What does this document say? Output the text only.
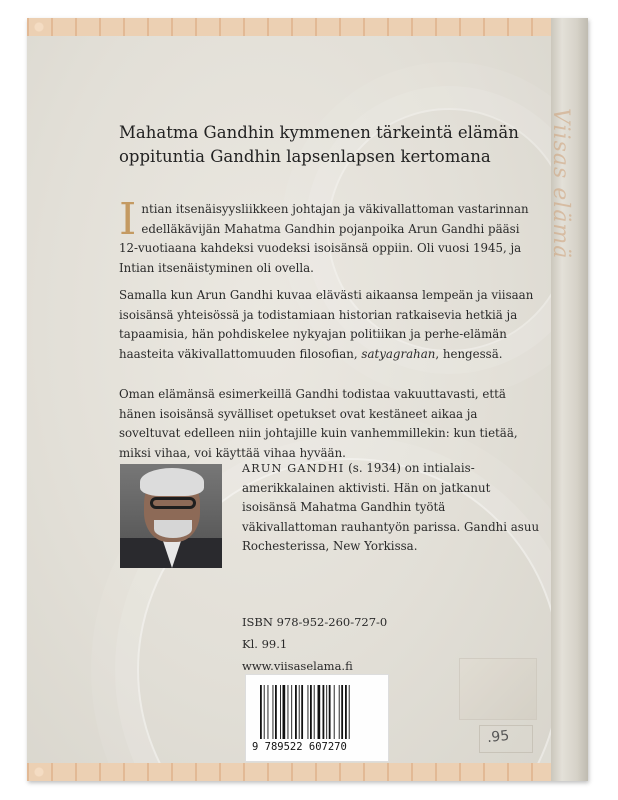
Mahatma Gandhin kymmenen tärkeintä elämän
oppituntia Gandhin lapsenlapsen kertomana
Intian itsenäisyysliikkeen johtajan ja väkivallattoman vastarinnan edelläkävijän Mahatma Gandhin pojanpoika Arun Gandhi pääsi 12-vuotiaana kahdeksi vuodeksi isoisänsä oppiin. Oli vuosi 1945, ja Intian itsenäistyminen oli ovella.
Samalla kun Arun Gandhi kuvaa elävästi aikaansa lempeän ja viisaan isoisänsä yhteisössä ja todistamiaan historian ratkaisevia hetkiä ja tapaamisia, hän pohdiskelee nykyajan politiikan ja perhe-elämän haasteita väkivallattomuuden filosofian, satyagrahan, hengessä.
Oman elämänsä esimerkeillä Gandhi todistaa vakuuttavasti, että hänen isoisänsä syvälliset opetukset ovat kestäneet aikaa ja soveltuvat edelleen niin johtajille kuin vanhemmillekin: kun tietää, miksi vihaa, voi käyttää vihaa hyvään.
ARUN GANDHI (s. 1934) on intialais-amerikkalainen aktivisti. Hän on jatkanut isoisänsä Mahatma Gandhin työtä väkivallattoman rauhantyön parissa. Gandhi asuu Rochesterissa, New Yorkissa.
ISBN 978-952-260-727-0
Kl. 99.1
www.viisaselama.fi
9 789522 607270
.95
Viisas elämä
